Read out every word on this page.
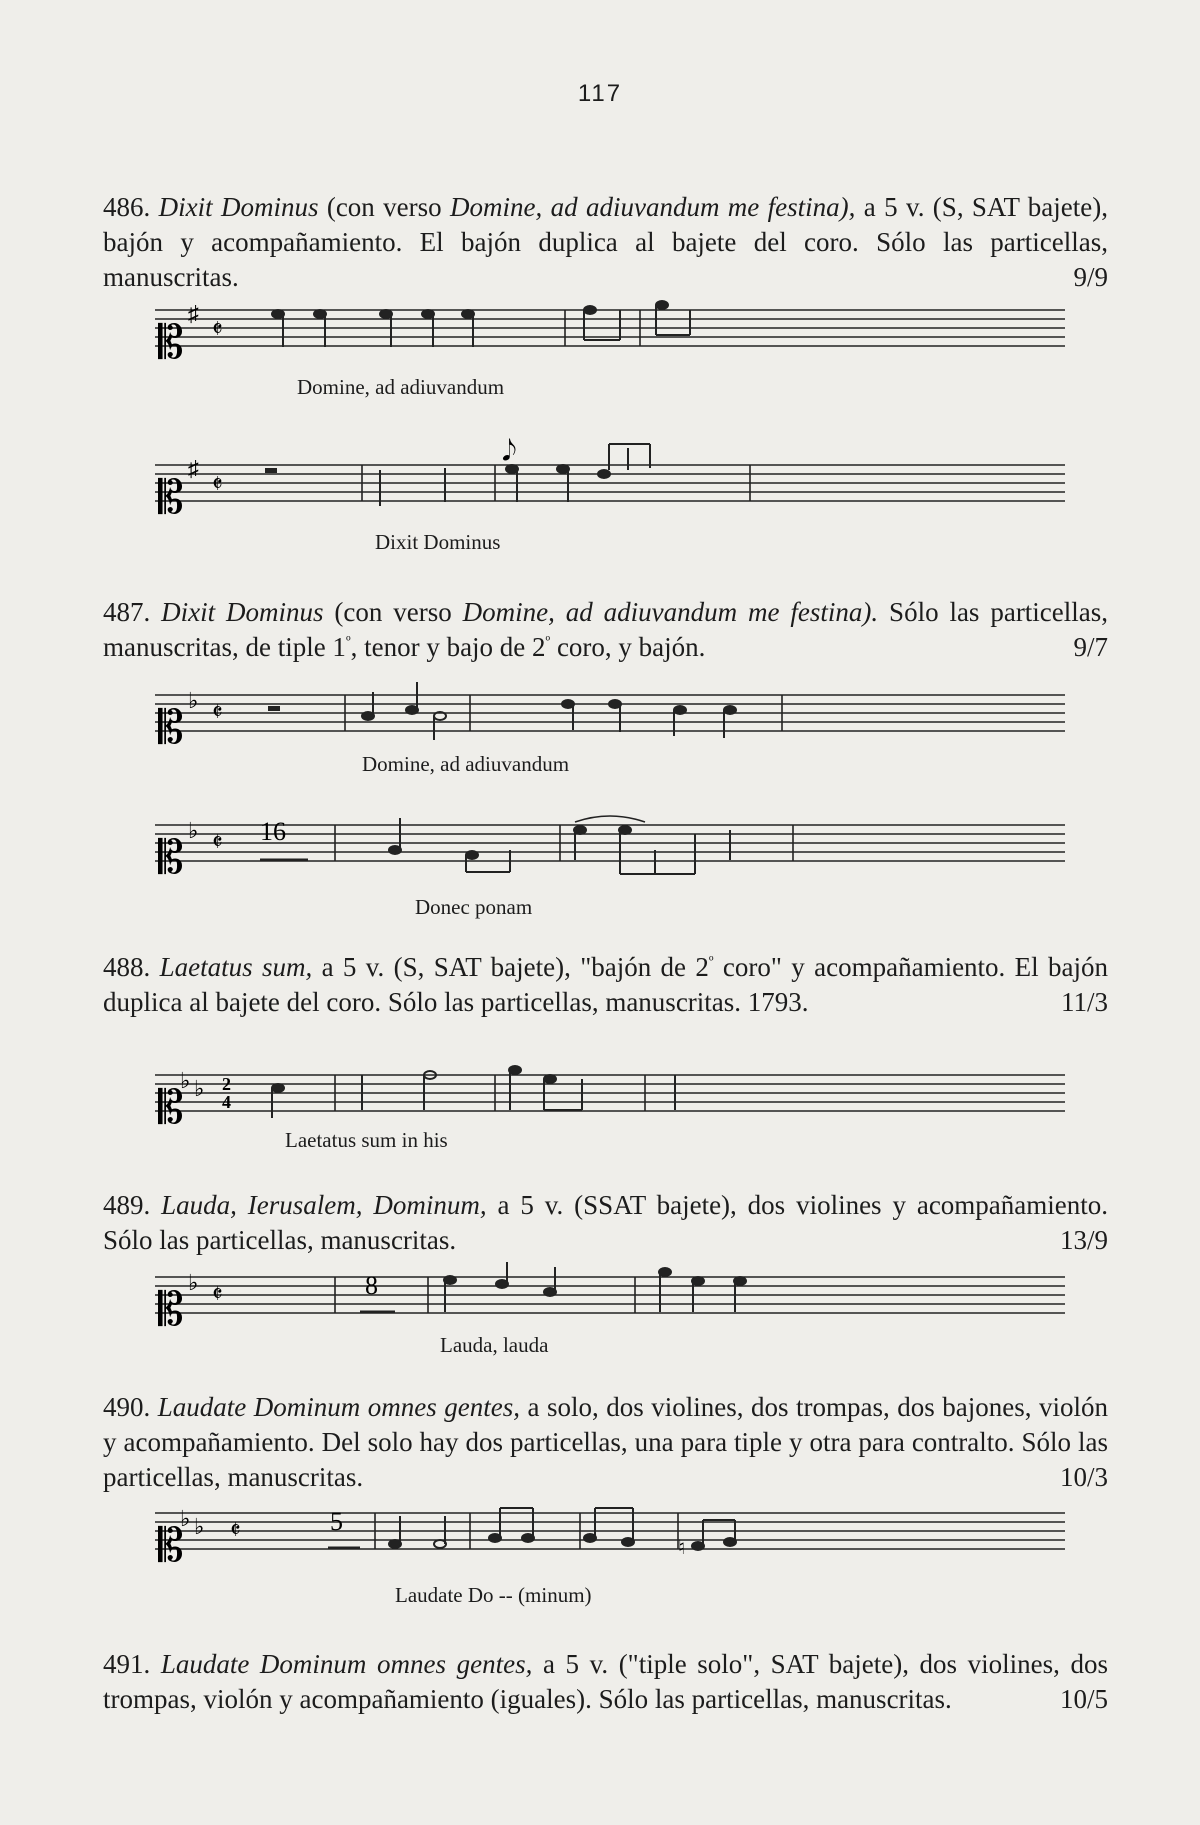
117
486. Dixit Dominus (con verso Domine, ad adiuvandum me festina), a 5 v. (S, SAT bajete), bajón y acompañamiento. El bajón duplica al bajete del coro. Sólo las particellas, manuscritas.	9/9
𝄡
♯
𝄵
Domine, ad adiuvandum
𝄡
♯
𝄵
𝅘𝅥𝅮
Dixit Dominus
487. Dixit Dominus (con verso Domine, ad adiuvandum me festina). Sólo las particellas, manuscritas, de tiple $1^º$, tenor y bajo de $2^º$ coro, y bajón.	9/7
𝄡
♭ 𝄵
Domine, ad adiuvandum
𝄡
♭ 𝄵 16
Donec ponam
488. Laetatus sum, a 5 v. (S, SAT bajete), "bajón de $2^º$ coro" y acompañamiento. El bajón duplica al bajete del coro. Sólo las particellas, manuscritas. 1793.	11/3
𝄡
♭ ♭ 2
4
Laetatus sum in his
489. Lauda, Ierusalem, Dominum, a 5 v. (SSAT bajete), dos violines y acompañamiento. Sólo las particellas, manuscritas.	13/9
𝄡
♭ 𝄵	8
Lauda, lauda
490. Laudate Dominum omnes gentes, a solo, dos violines, dos trompas, dos bajones, violón y acompañamiento. Del solo hay dos particellas, una para tiple y otra para contralto. Sólo las particellas, manuscritas.	10/3
𝄡
♭ ♭ 𝄵	5
♮
Laudate Do -- (minum)
491. Laudate Dominum omnes gentes, a 5 v. ("tiple solo", SAT bajete), dos violines, dos trompas, violón y acompañamiento (iguales). Sólo las particellas, manuscritas.	10/5
